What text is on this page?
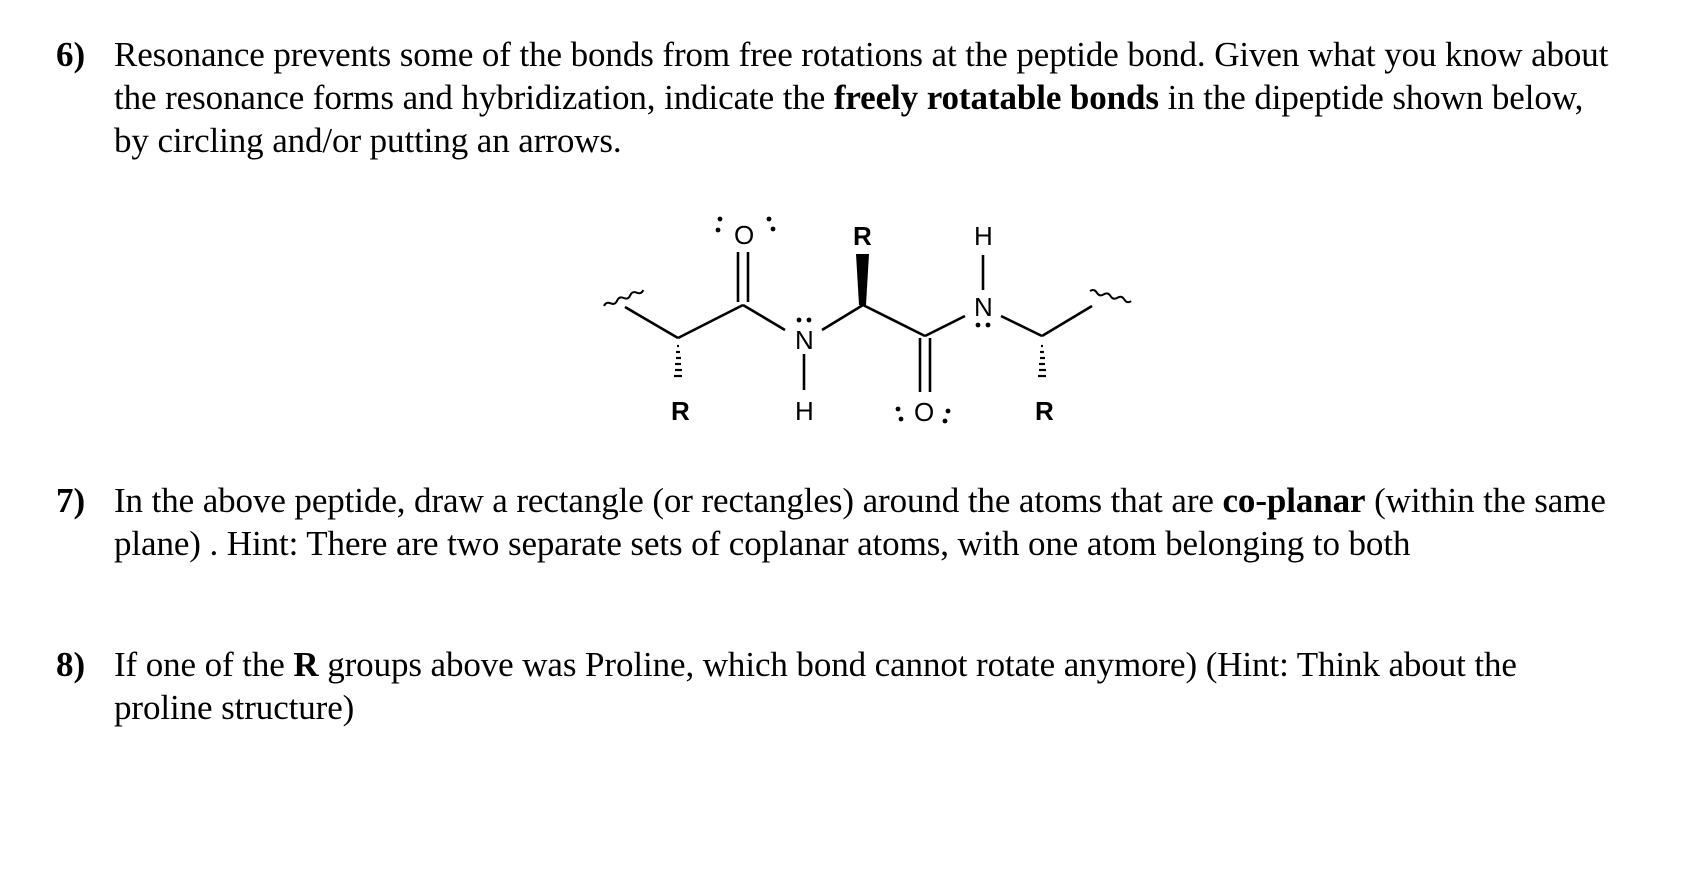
6) Resonance prevents some of the bonds from free rotations at the peptide bond. Given what you know about the resonance forms and hybridization, indicate the freely rotatable bonds in the dipeptide shown below, by circling and/or putting an arrows.
O	R	H
N
N
R	H	O	R
7) In the above peptide, draw a rectangle (or rectangles) around the atoms that are co-planar (within the same plane) . Hint: There are two separate sets of coplanar atoms, with one atom belonging to both
8) If one of the R groups above was Proline, which bond cannot rotate anymore) (Hint: Think about the proline structure)
